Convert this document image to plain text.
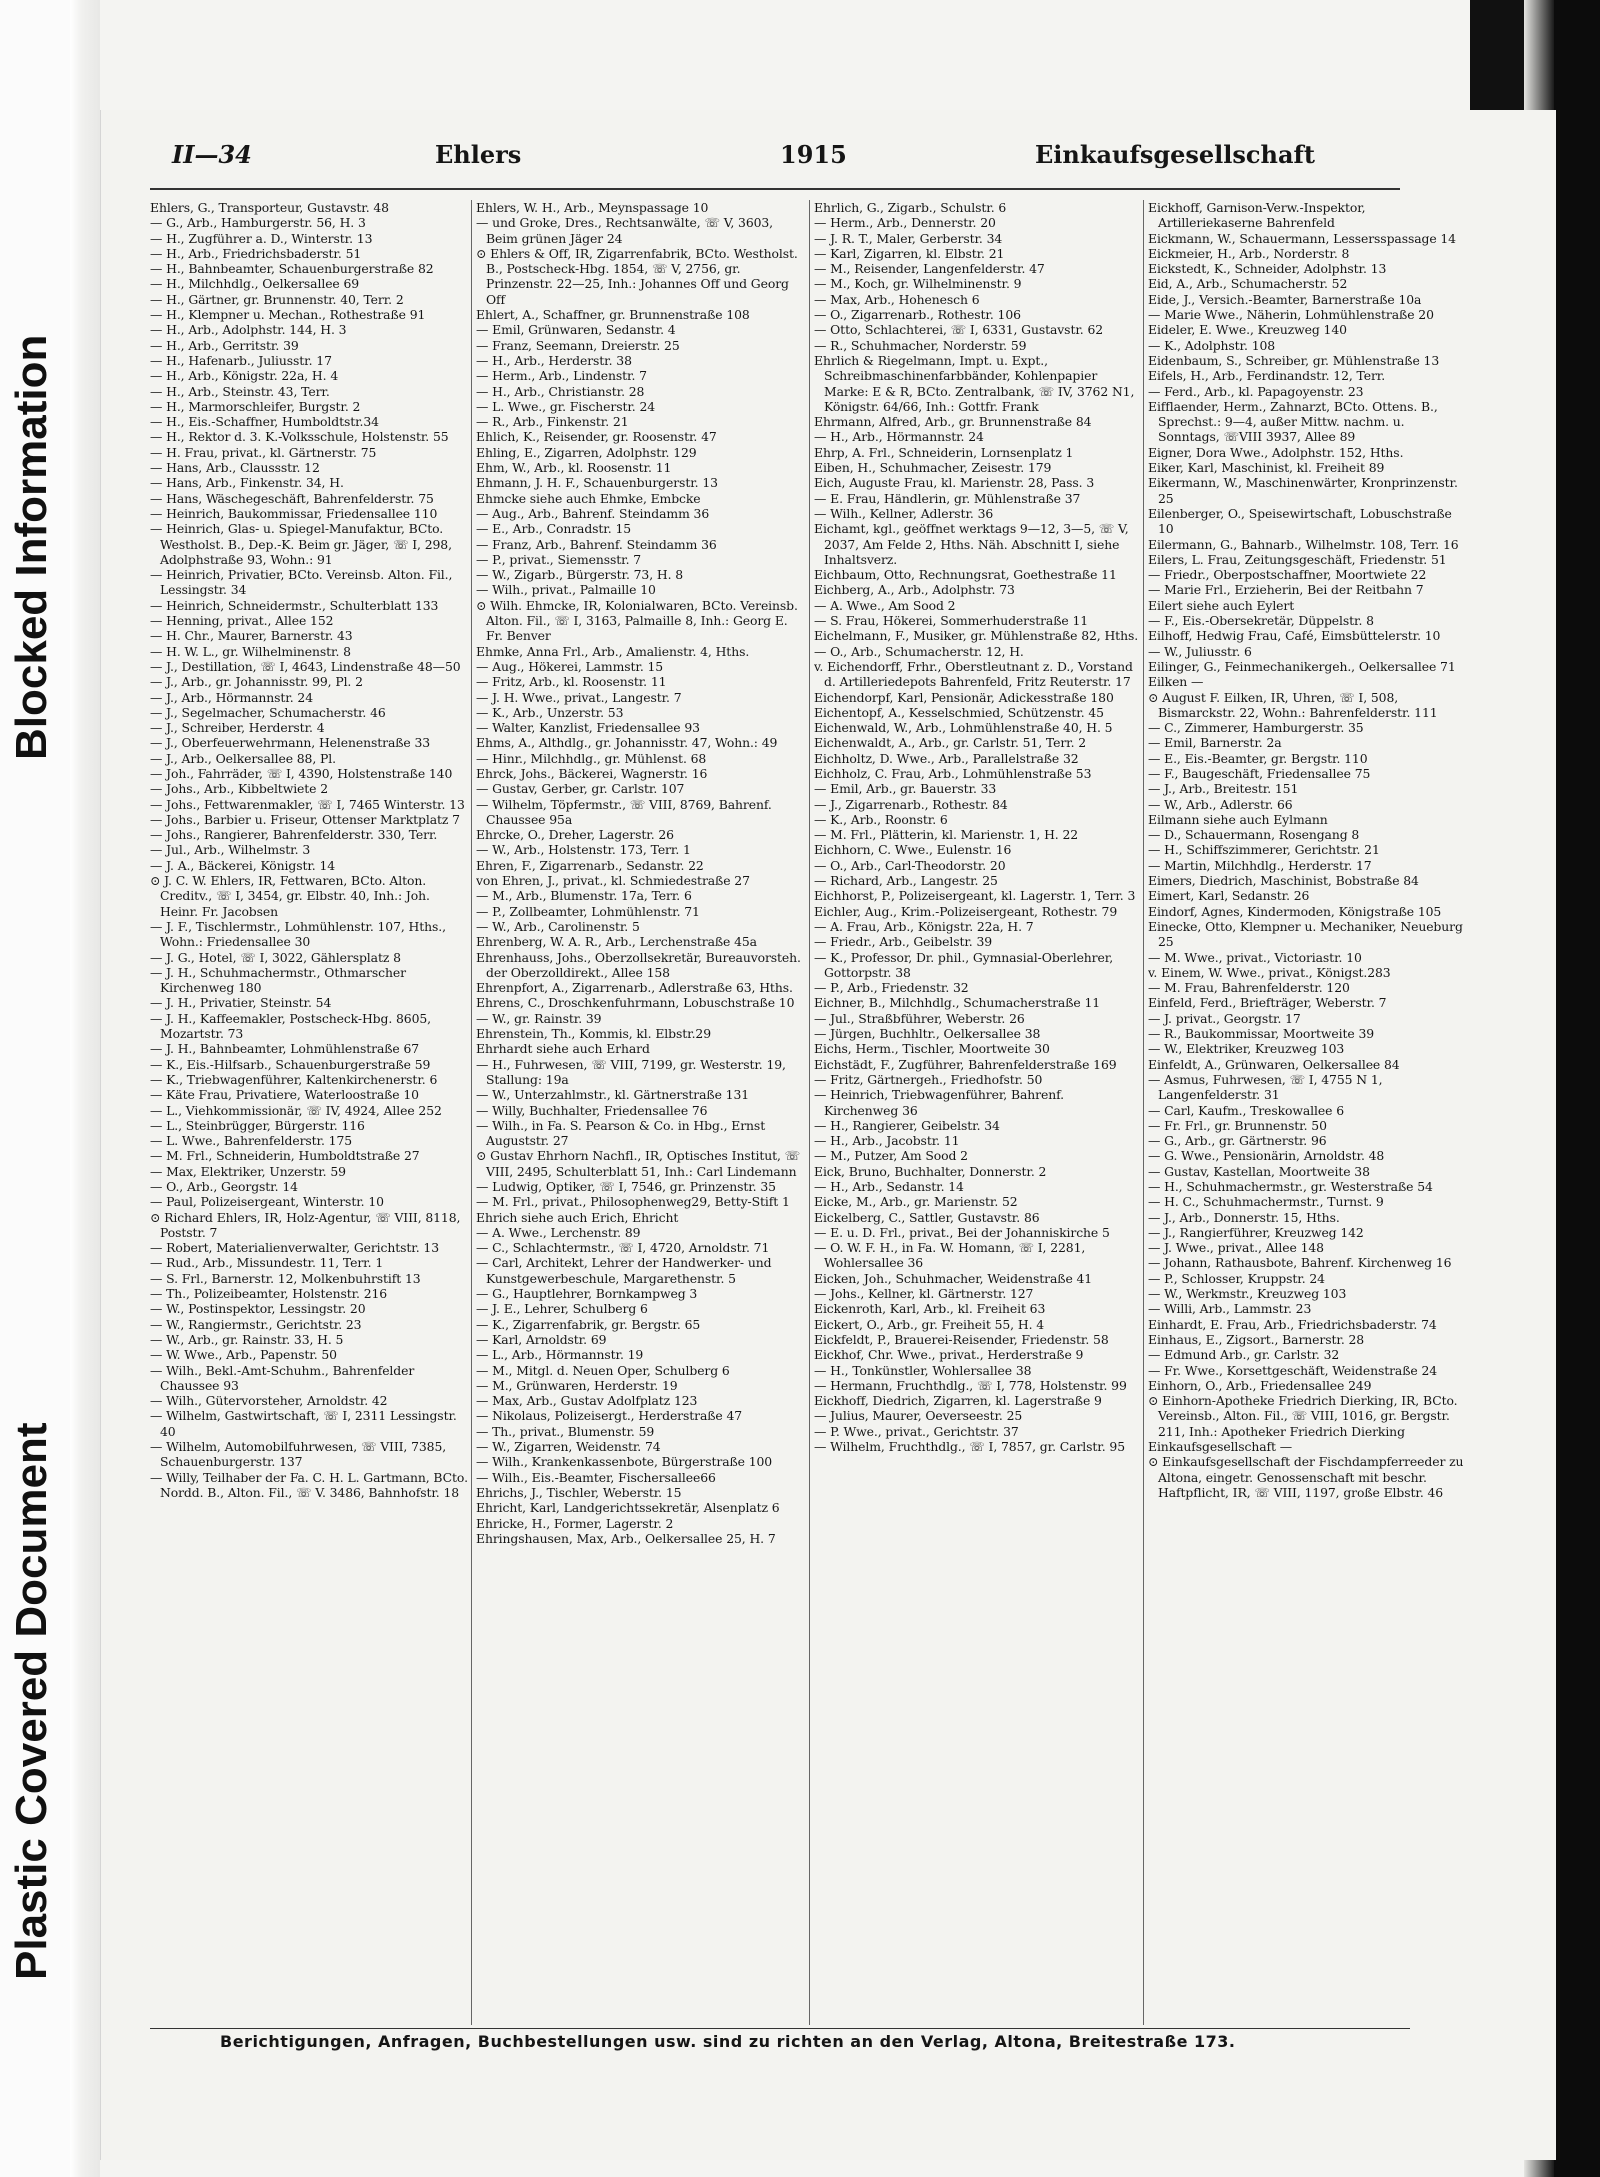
Blocked Information
Plastic Covered Document
II—34	Ehlers	1915	Einkaufsgesellschaft
Ehlers, G., Transporteur, Gustavstr. 48
— G., Arb., Hamburgerstr. 56, H. 3
— H., Zugführer a. D., Winterstr. 13
— H., Arb., Friedrichsbaderstr. 51
— H., Bahnbeamter, Schauenburgerstraße 82
— H., Milchhdlg., Oelkersallee 69
— H., Gärtner, gr. Brunnenstr. 40, Terr. 2
— H., Klempner u. Mechan., Rothestraße 91
— H., Arb., Adolphstr. 144, H. 3
— H., Arb., Gerritstr. 39
— H., Hafenarb., Juliusstr. 17
— H., Arb., Königstr. 22a, H. 4
— H., Arb., Steinstr. 43, Terr.
— H., Marmorschleifer, Burgstr. 2
— H., Eis.-Schaffner, Humboldtstr.34
— H., Rektor d. 3. K.-Volksschule, Holstenstr. 55
— H. Frau, privat., kl. Gärtnerstr. 75
— Hans, Arb., Claussstr. 12
— Hans, Arb., Finkenstr. 34, H.
— Hans, Wäschegeschäft, Bahrenfelderstr. 75
— Heinrich, Baukommissar, Friedensallee 110
— Heinrich, Glas- u. Spiegel-Manufaktur, BCto. Westholst. B., Dep.-K. Beim gr. Jäger, ☏ I, 298, Adolphstraße 93, Wohn.: 91
— Heinrich, Privatier, BCto. Vereinsb. Alton. Fil., Lessingstr. 34
— Heinrich, Schneidermstr., Schulterblatt 133
— Henning, privat., Allee 152
— H. Chr., Maurer, Barnerstr. 43
— H. W. L., gr. Wilhelminenstr. 8
— J., Destillation, ☏ I, 4643, Lindenstraße 48—50
— J., Arb., gr. Johannisstr. 99, Pl. 2
— J., Arb., Hörmannstr. 24
— J., Segelmacher, Schumacherstr. 46
— J., Schreiber, Herderstr. 4
— J., Oberfeuerwehrmann, Helenenstraße 33
— J., Arb., Oelkersallee 88, Pl.
— Joh., Fahrräder, ☏ I, 4390, Holstenstraße 140
— Johs., Arb., Kibbeltwiete 2
— Johs., Fettwarenmakler, ☏ I, 7465 Winterstr. 13
— Johs., Barbier u. Friseur, Ottenser Marktplatz 7
— Johs., Rangierer, Bahrenfelderstr. 330, Terr.
— Jul., Arb., Wilhelmstr. 3
— J. A., Bäckerei, Königstr. 14
⊙ J. C. W. Ehlers, IR, Fettwaren, BCto. Alton. Creditv., ☏ I, 3454, gr. Elbstr. 40, Inh.: Joh. Heinr. Fr. Jacobsen
— J. F., Tischlermstr., Lohmühlenstr. 107, Hths., Wohn.: Friedensallee 30
— J. G., Hotel, ☏ I, 3022, Gählersplatz 8
— J. H., Schuhmachermstr., Othmarscher Kirchenweg 180
— J. H., Privatier, Steinstr. 54
— J. H., Kaffeemakler, Postscheck-Hbg. 8605, Mozartstr. 73
— J. H., Bahnbeamter, Lohmühlenstraße 67
— K., Eis.-Hilfsarb., Schauenburgerstraße 59
— K., Triebwagenführer, Kaltenkirchenerstr. 6
— Käte Frau, Privatiere, Waterloostraße 10
— L., Viehkommissionär, ☏ IV, 4924, Allee 252
— L., Steinbrügger, Bürgerstr. 116
— L. Wwe., Bahrenfelderstr. 175
— M. Frl., Schneiderin, Humboldtstraße 27
— Max, Elektriker, Unzerstr. 59
— O., Arb., Georgstr. 14
— Paul, Polizeisergeant, Winterstr. 10
⊙ Richard Ehlers, IR, Holz-Agentur, ☏ VIII, 8118, Poststr. 7
— Robert, Materialienverwalter, Gerichtstr. 13
— Rud., Arb., Missundestr. 11, Terr. 1
— S. Frl., Barnerstr. 12, Molkenbuhrstift 13
— Th., Polizeibeamter, Holstenstr. 216
— W., Postinspektor, Lessingstr. 20
— W., Rangiermstr., Gerichtstr. 23
— W., Arb., gr. Rainstr. 33, H. 5
— W. Wwe., Arb., Papenstr. 50
— Wilh., Bekl.-Amt-Schuhm., Bahrenfelder Chaussee 93
— Wilh., Gütervorsteher, Arnoldstr. 42
— Wilhelm, Gastwirtschaft, ☏ I, 2311 Lessingstr. 40
— Wilhelm, Automobilfuhrwesen, ☏ VIII, 7385, Schauenburgerstr. 137
— Willy, Teilhaber der Fa. C. H. L. Gartmann, BCto. Nordd. B., Alton. Fil., ☏ V. 3486, Bahnhofstr. 18
Ehlers, W. H., Arb., Meynspassage 10
— und Groke, Dres., Rechtsanwälte, ☏ V, 3603, Beim grünen Jäger 24
⊙ Ehlers & Off, IR, Zigarrenfabrik, BCto. Westholst. B., Postscheck-Hbg. 1854, ☏ V, 2756, gr. Prinzenstr. 22—25, Inh.: Johannes Off und Georg Off
Ehlert, A., Schaffner, gr. Brunnenstraße 108
— Emil, Grünwaren, Sedanstr. 4
— Franz, Seemann, Dreierstr. 25
— H., Arb., Herderstr. 38
— Herm., Arb., Lindenstr. 7
— H., Arb., Christianstr. 28
— L. Wwe., gr. Fischerstr. 24
— R., Arb., Finkenstr. 21
Ehlich, K., Reisender, gr. Roosenstr. 47
Ehling, E., Zigarren, Adolphstr. 129
Ehm, W., Arb., kl. Roosenstr. 11
Ehmann, J. H. F., Schauenburgerstr. 13
Ehmcke siehe auch Ehmke, Embcke
— Aug., Arb., Bahrenf. Steindamm 36
— E., Arb., Conradstr. 15
— Franz, Arb., Bahrenf. Steindamm 36
— P., privat., Siemensstr. 7
— W., Zigarb., Bürgerstr. 73, H. 8
— Wilh., privat., Palmaille 10
⊙ Wilh. Ehmcke, IR, Kolonialwaren, BCto. Vereinsb. Alton. Fil., ☏ I, 3163, Palmaille 8, Inh.: Georg E. Fr. Benver
Ehmke, Anna Frl., Arb., Amalienstr. 4, Hths.
— Aug., Hökerei, Lammstr. 15
— Fritz, Arb., kl. Roosenstr. 11
— J. H. Wwe., privat., Langestr. 7
— K., Arb., Unzerstr. 53
— Walter, Kanzlist, Friedensallee 93
Ehms, A., Althdlg., gr. Johannisstr. 47, Wohn.: 49
— Hinr., Milchhdlg., gr. Mühlenst. 68
Ehrck, Johs., Bäckerei, Wagnerstr. 16
— Gustav, Gerber, gr. Carlstr. 107
— Wilhelm, Töpfermstr., ☏ VIII, 8769, Bahrenf. Chaussee 95a
Ehrcke, O., Dreher, Lagerstr. 26
— W., Arb., Holstenstr. 173, Terr. 1
Ehren, F., Zigarrenarb., Sedanstr. 22
von Ehren, J., privat., kl. Schmiedestraße 27
— M., Arb., Blumenstr. 17a, Terr. 6
— P., Zollbeamter, Lohmühlenstr. 71
— W., Arb., Carolinenstr. 5
Ehrenberg, W. A. R., Arb., Lerchenstraße 45a
Ehrenhauss, Johs., Oberzollsekretär, Bureauvorsteh. der Oberzolldirekt., Allee 158
Ehrenpfort, A., Zigarrenarb., Adlerstraße 63, Hths.
Ehrens, C., Droschkenfuhrmann, Lobuschstraße 10
— W., gr. Rainstr. 39
Ehrenstein, Th., Kommis, kl. Elbstr.29
Ehrhardt siehe auch Erhard
— H., Fuhrwesen, ☏ VIII, 7199, gr. Westerstr. 19, Stallung: 19a
— W., Unterzahlmstr., kl. Gärtnerstraße 131
— Willy, Buchhalter, Friedensallee 76
— Wilh., in Fa. S. Pearson & Co. in Hbg., Ernst Auguststr. 27
⊙ Gustav Ehrhorn Nachfl., IR, Optisches Institut, ☏ VIII, 2495, Schulterblatt 51, Inh.: Carl Lindemann
— Ludwig, Optiker, ☏ I, 7546, gr. Prinzenstr. 35
— M. Frl., privat., Philosophenweg29, Betty-Stift 1
Ehrich siehe auch Erich, Ehricht
— A. Wwe., Lerchenstr. 89
— C., Schlachtermstr., ☏ I, 4720, Arnoldstr. 71
— Carl, Architekt, Lehrer der Handwerker- und Kunstgewerbeschule, Margarethenstr. 5
— G., Hauptlehrer, Bornkampweg 3
— J. E., Lehrer, Schulberg 6
— K., Zigarrenfabrik, gr. Bergstr. 65
— Karl, Arnoldstr. 69
— L., Arb., Hörmannstr. 19
— M., Mitgl. d. Neuen Oper, Schulberg 6
— M., Grünwaren, Herderstr. 19
— Max, Arb., Gustav Adolfplatz 123
— Nikolaus, Polizeisergt., Herderstraße 47
— Th., privat., Blumenstr. 59
— W., Zigarren, Weidenstr. 74
— Wilh., Krankenkassenbote, Bürgerstraße 100
— Wilh., Eis.-Beamter, Fischersallee66
Ehrichs, J., Tischler, Weberstr. 15
Ehricht, Karl, Landgerichtssekretär, Alsenplatz 6
Ehricke, H., Former, Lagerstr. 2
Ehringshausen, Max, Arb., Oelkersallee 25, H. 7
Ehrlich, G., Zigarb., Schulstr. 6
— Herm., Arb., Dennerstr. 20
— J. R. T., Maler, Gerberstr. 34
— Karl, Zigarren, kl. Elbstr. 21
— M., Reisender, Langenfelderstr. 47
— M., Koch, gr. Wilhelminenstr. 9
— Max, Arb., Hohenesch 6
— O., Zigarrenarb., Rothestr. 106
— Otto, Schlachterei, ☏ I, 6331, Gustavstr. 62
— R., Schuhmacher, Norderstr. 59
Ehrlich & Riegelmann, Impt. u. Expt., Schreibmaschinenfarbbänder, Kohlenpapier Marke: E & R, BCto. Zentralbank, ☏ IV, 3762 N1, Königstr. 64/66, Inh.: Gottfr. Frank
Ehrmann, Alfred, Arb., gr. Brunnenstraße 84
— H., Arb., Hörmannstr. 24
Ehrp, A. Frl., Schneiderin, Lornsenplatz 1
Eiben, H., Schuhmacher, Zeisestr. 179
Eich, Auguste Frau, kl. Marienstr. 28, Pass. 3
— E. Frau, Händlerin, gr. Mühlenstraße 37
— Wilh., Kellner, Adlerstr. 36
Eichamt, kgl., geöffnet werktags 9—12, 3—5, ☏ V, 2037, Am Felde 2, Hths. Näh. Abschnitt I, siehe Inhaltsverz.
Eichbaum, Otto, Rechnungsrat, Goethestraße 11
Eichberg, A., Arb., Adolphstr. 73
— A. Wwe., Am Sood 2
— S. Frau, Hökerei, Sommerhuderstraße 11
Eichelmann, F., Musiker, gr. Mühlenstraße 82, Hths.
— O., Arb., Schumacherstr. 12, H.
v. Eichendorff, Frhr., Oberstleutnant z. D., Vorstand d. Artilleriedepots Bahrenfeld, Fritz Reuterstr. 17
Eichendorpf, Karl, Pensionär, Adickesstraße 180
Eichentopf, A., Kesselschmied, Schützenstr. 45
Eichenwald, W., Arb., Lohmühlenstraße 40, H. 5
Eichenwaldt, A., Arb., gr. Carlstr. 51, Terr. 2
Eichholtz, D. Wwe., Arb., Parallelstraße 32
Eichholz, C. Frau, Arb., Lohmühlenstraße 53
— Emil, Arb., gr. Bauerstr. 33
— J., Zigarrenarb., Rothestr. 84
— K., Arb., Roonstr. 6
— M. Frl., Plätterin, kl. Marienstr. 1, H. 22
Eichhorn, C. Wwe., Eulenstr. 16
— O., Arb., Carl-Theodorstr. 20
— Richard, Arb., Langestr. 25
Eichhorst, P., Polizeisergeant, kl. Lagerstr. 1, Terr. 3
Eichler, Aug., Krim.-Polizeisergeant, Rothestr. 79
— A. Frau, Arb., Königstr. 22a, H. 7
— Friedr., Arb., Geibelstr. 39
— K., Professor, Dr. phil., Gymnasial-Oberlehrer, Gottorpstr. 38
— P., Arb., Friedenstr. 32
Eichner, B., Milchhdlg., Schumacherstraße 11
— Jul., Straßbführer, Weberstr. 26
— Jürgen, Buchhltr., Oelkersallee 38
Eichs, Herm., Tischler, Moortweite 30
Eichstädt, F., Zugführer, Bahrenfelderstraße 169
— Fritz, Gärtnergeh., Friedhofstr. 50
— Heinrich, Triebwagenführer, Bahrenf. Kirchenweg 36
— H., Rangierer, Geibelstr. 34
— H., Arb., Jacobstr. 11
— M., Putzer, Am Sood 2
Eick, Bruno, Buchhalter, Donnerstr. 2
— H., Arb., Sedanstr. 14
Eicke, M., Arb., gr. Marienstr. 52
Eickelberg, C., Sattler, Gustavstr. 86
— E. u. D. Frl., privat., Bei der Johanniskirche 5
— O. W. F. H., in Fa. W. Homann, ☏ I, 2281, Wohlersallee 36
Eicken, Joh., Schuhmacher, Weidenstraße 41
— Johs., Kellner, kl. Gärtnerstr. 127
Eickenroth, Karl, Arb., kl. Freiheit 63
Eickert, O., Arb., gr. Freiheit 55, H. 4
Eickfeldt, P., Brauerei-Reisender, Friedenstr. 58
Eickhof, Chr. Wwe., privat., Herderstraße 9
— H., Tonkünstler, Wohlersallee 38
— Hermann, Fruchthdlg., ☏ I, 778, Holstenstr. 99
Eickhoff, Diedrich, Zigarren, kl. Lagerstraße 9
— Julius, Maurer, Oeverseestr. 25
— P. Wwe., privat., Gerichtstr. 37
— Wilhelm, Fruchthdlg., ☏ I, 7857, gr. Carlstr. 95
Eickhoff, Garnison-Verw.-Inspektor, Artilleriekaserne Bahrenfeld
Eickmann, W., Schauermann, Lessersspassage 14
Eickmeier, H., Arb., Norderstr. 8
Eickstedt, K., Schneider, Adolphstr. 13
Eid, A., Arb., Schumacherstr. 52
Eide, J., Versich.-Beamter, Barnerstraße 10a
— Marie Wwe., Näherin, Lohmühlenstraße 20
Eideler, E. Wwe., Kreuzweg 140
— K., Adolphstr. 108
Eidenbaum, S., Schreiber, gr. Mühlenstraße 13
Eifels, H., Arb., Ferdinandstr. 12, Terr.
— Ferd., Arb., kl. Papagoyenstr. 23
Eifflaender, Herm., Zahnarzt, BCto. Ottens. B., Sprechst.: 9—4, außer Mittw. nachm. u. Sonntags, ☏VIII 3937, Allee 89
Eigner, Dora Wwe., Adolphstr. 152, Hths.
Eiker, Karl, Maschinist, kl. Freiheit 89
Eikermann, W., Maschinenwärter, Kronprinzenstr. 25
Eilenberger, O., Speisewirtschaft, Lobuschstraße 10
Eilermann, G., Bahnarb., Wilhelmstr. 108, Terr. 16
Eilers, L. Frau, Zeitungsgeschäft, Friedenstr. 51
— Friedr., Oberpostschaffner, Moortwiete 22
— Marie Frl., Erzieherin, Bei der Reitbahn 7
Eilert siehe auch Eylert
— F., Eis.-Obersekretär, Düppelstr. 8
Eilhoff, Hedwig Frau, Café, Eimsbüttelerstr. 10
— W., Juliusstr. 6
Eilinger, G., Feinmechanikergeh., Oelkersallee 71
Eilken —
⊙ August F. Eilken, IR, Uhren, ☏ I, 508, Bismarckstr. 22, Wohn.: Bahrenfelderstr. 111
— C., Zimmerer, Hamburgerstr. 35
— Emil, Barnerstr. 2a
— E., Eis.-Beamter, gr. Bergstr. 110
— F., Baugeschäft, Friedensallee 75
— J., Arb., Breitestr. 151
— W., Arb., Adlerstr. 66
Eilmann siehe auch Eylmann
— D., Schauermann, Rosengang 8
— H., Schiffszimmerer, Gerichtstr. 21
— Martin, Milchhdlg., Herderstr. 17
Eimers, Diedrich, Maschinist, Bobstraße 84
Eimert, Karl, Sedanstr. 26
Eindorf, Agnes, Kindermoden, Königstraße 105
Einecke, Otto, Klempner u. Mechaniker, Neueburg 25
— M. Wwe., privat., Victoriastr. 10
v. Einem, W. Wwe., privat., Königst.283
— M. Frau, Bahrenfelderstr. 120
Einfeld, Ferd., Briefträger, Weberstr. 7
— J. privat., Georgstr. 17
— R., Baukommissar, Moortweite 39
— W., Elektriker, Kreuzweg 103
Einfeldt, A., Grünwaren, Oelkersallee 84
— Asmus, Fuhrwesen, ☏ I, 4755 N 1, Langenfelderstr. 31
— Carl, Kaufm., Treskowallee 6
— Fr. Frl., gr. Brunnenstr. 50
— G., Arb., gr. Gärtnerstr. 96
— G. Wwe., Pensionärin, Arnoldstr. 48
— Gustav, Kastellan, Moortweite 38
— H., Schuhmachermstr., gr. Westerstraße 54
— H. C., Schuhmachermstr., Turnst. 9
— J., Arb., Donnerstr. 15, Hths.
— J., Rangierführer, Kreuzweg 142
— J. Wwe., privat., Allee 148
— Johann, Rathausbote, Bahrenf. Kirchenweg 16
— P., Schlosser, Kruppstr. 24
— W., Werkmstr., Kreuzweg 103
— Willi, Arb., Lammstr. 23
Einhardt, E. Frau, Arb., Friedrichsbaderstr. 74
Einhaus, E., Zigsort., Barnerstr. 28
— Edmund Arb., gr. Carlstr. 32
— Fr. Wwe., Korsettgeschäft, Weidenstraße 24
Einhorn, O., Arb., Friedensallee 249
⊙ Einhorn-Apotheke Friedrich Dierking, IR, BCto. Vereinsb., Alton. Fil., ☏ VIII, 1016, gr. Bergstr. 211, Inh.: Apotheker Friedrich Dierking
Einkaufsgesellschaft —
⊙ Einkaufsgesellschaft der Fischdampferreeder zu Altona, eingetr. Genossenschaft mit beschr. Haftpflicht, IR, ☏ VIII, 1197, große Elbstr. 46
Berichtigungen, Anfragen, Buchbestellungen usw. sind zu richten an den Verlag, Altona, Breitestraße 173.
